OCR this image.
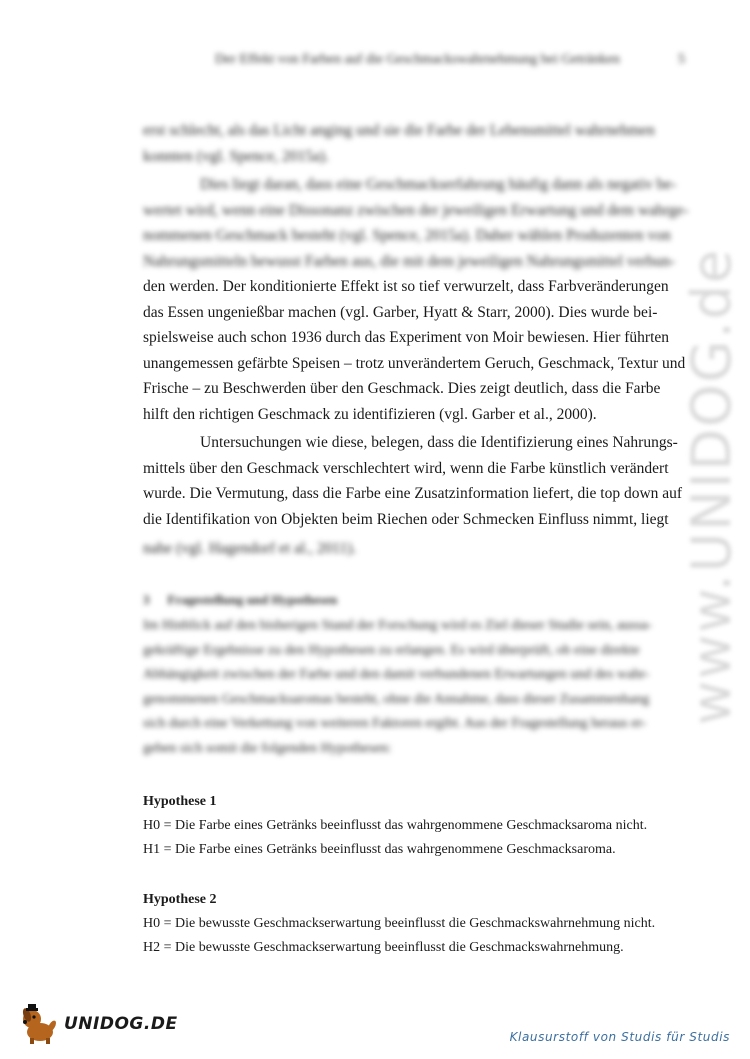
Der Effekt von Farben auf die Geschmackswahrnehmung bei Getränken	5
erst schlecht, als das Licht anging und sie die Farbe der Lebensmittel wahrnehmen
konnten (vgl. Spence, 2015a).
Dies liegt daran, dass eine Geschmackserfahrung häufig dann als negativ be-
wertet wird, wenn eine Dissonanz zwischen der jeweiligen Erwartung und dem wahrge-
nommenen Geschmack besteht (vgl. Spence, 2015a). Daher wählen Produzenten von
Nahrungsmitteln bewusst Farben aus, die mit dem jeweiligen Nahrungsmittel verbun-
den werden. Der konditionierte Effekt ist so tief verwurzelt, dass Farbveränderungen
das Essen ungenießbar machen (vgl. Garber, Hyatt & Starr, 2000). Dies wurde bei-
spielsweise auch schon 1936 durch das Experiment von Moir bewiesen. Hier führten
unangemessen gefärbte Speisen – trotz unverändertem Geruch, Geschmack, Textur und
Frische – zu Beschwerden über den Geschmack. Dies zeigt deutlich, dass die Farbe
hilft den richtigen Geschmack zu identifizieren (vgl. Garber et al., 2000).
Untersuchungen wie diese, belegen, dass die Identifizierung eines Nahrungs-
mittels über den Geschmack verschlechtert wird, wenn die Farbe künstlich verändert
wurde. Die Vermutung, dass die Farbe eine Zusatzinformation liefert, die top down auf
die Identifikation von Objekten beim Riechen oder Schmecken Einfluss nimmt, liegt
nahe (vgl. Hagendorf et al., 2011).
3 Fragestellung und Hypothesen
Im Hinblick auf den bisherigen Stand der Forschung wird es Ziel dieser Studie sein, aussa-
gekräftige Ergebnisse zu den Hypothesen zu erlangen. Es wird überprüft, ob eine direkte
Abhängigkeit zwischen der Farbe und den damit verbundenen Erwartungen und des wahr-
genommenen Geschmacksaromas besteht, ohne die Annahme, dass dieser Zusammenhang
sich durch eine Verkettung von weiteren Faktoren ergibt. Aus der Fragestellung heraus er-
geben sich somit die folgenden Hypothesen:
Hypothese 1
H0 = Die Farbe eines Getränks beeinflusst das wahrgenommene Geschmacksaroma nicht.
H1 = Die Farbe eines Getränks beeinflusst das wahrgenommene Geschmacksaroma.
Hypothese 2
H0 = Die bewusste Geschmackserwartung beeinflusst die Geschmackswahrnehmung nicht.
H2 = Die bewusste Geschmackserwartung beeinflusst die Geschmackswahrnehmung.
www.UNIDOG.de
UNIDOG.DE
Klausurstoff von Studis für Studis
